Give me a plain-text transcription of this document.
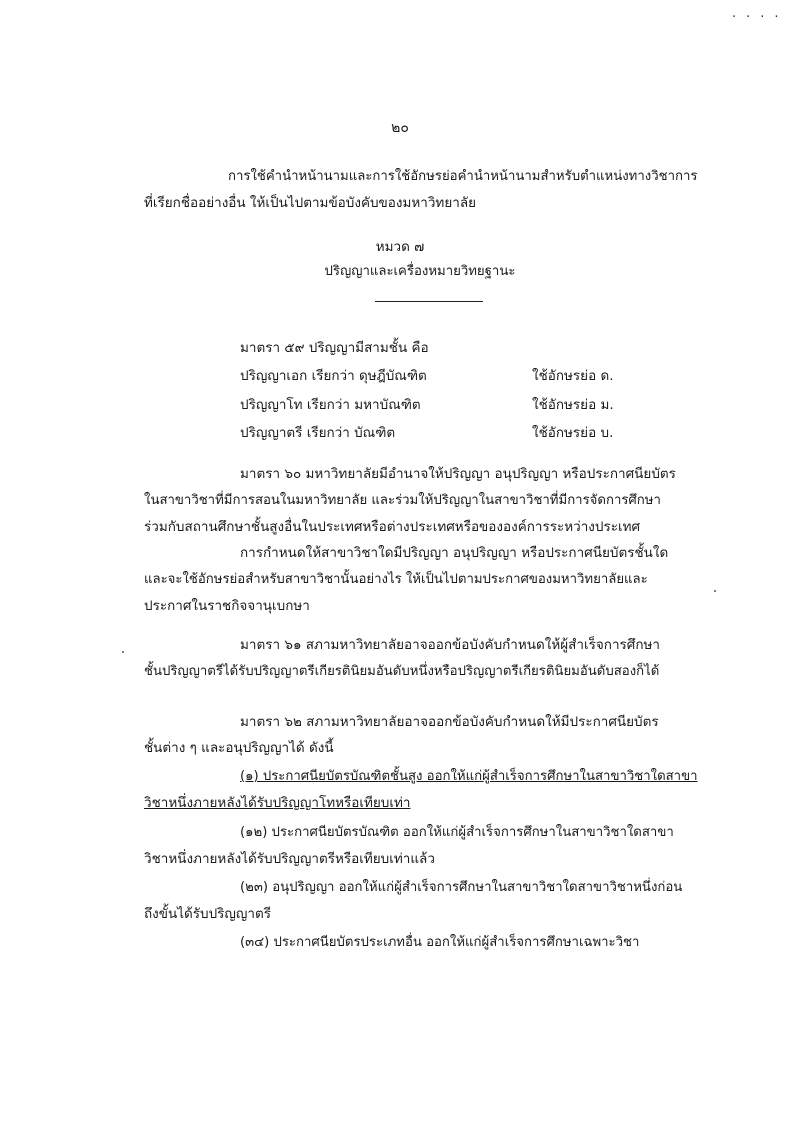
····
๒๐
การใช้คำนำหน้านามและการใช้อักษรย่อคำนำหน้านามสำหรับตำแหน่งทางวิชาการ
ที่เรียกชื่ออย่างอื่น ให้เป็นไปตามข้อบังคับของมหาวิทยาลัย
หมวด ๗
ปริญญาและเครื่องหมายวิทยฐานะ
มาตรา ๕๙ ปริญญามีสามชั้น คือ
ปริญญาเอก เรียกว่า ดุษฎีบัณฑิต	ใช้อักษรย่อ ด.
ปริญญาโท เรียกว่า มหาบัณฑิต	ใช้อักษรย่อ ม.
ปริญญาตรี เรียกว่า บัณฑิต	ใช้อักษรย่อ บ.
มาตรา ๖๐ มหาวิทยาลัยมีอำนาจให้ปริญญา อนุปริญญา หรือประกาศนียบัตร
ในสาขาวิชาที่มีการสอนในมหาวิทยาลัย และร่วมให้ปริญญาในสาขาวิชาที่มีการจัดการศึกษา
ร่วมกับสถานศึกษาชั้นสูงอื่นในประเทศหรือต่างประเทศหรือขององค์การระหว่างประเทศ
การกำหนดให้สาขาวิชาใดมีปริญญา อนุปริญญา หรือประกาศนียบัตรชั้นใด
และจะใช้อักษรย่อสำหรับสาขาวิชานั้นอย่างไร ให้เป็นไปตามประกาศของมหาวิทยาลัยและ
ประกาศในราชกิจจานุเบกษา
มาตรา ๖๑ สภามหาวิทยาลัยอาจออกข้อบังคับกำหนดให้ผู้สำเร็จการศึกษา
ชั้นปริญญาตรีได้รับปริญญาตรีเกียรตินิยมอันดับหนึ่งหรือปริญญาตรีเกียรตินิยมอันดับสองก็ได้
มาตรา ๖๒ สภามหาวิทยาลัยอาจออกข้อบังคับกำหนดให้มีประกาศนียบัตร
ชั้นต่าง ๆ และอนุปริญญาได้ ดังนี้
(๑) ประกาศนียบัตรบัณฑิตชั้นสูง ออกให้แก่ผู้สำเร็จการศึกษาในสาขาวิชาใดสาขา
วิชาหนึ่งภายหลังได้รับปริญญาโทหรือเทียบเท่า
(๑๒) ประกาศนียบัตรบัณฑิต ออกให้แก่ผู้สำเร็จการศึกษาในสาขาวิชาใดสาขา
วิชาหนึ่งภายหลังได้รับปริญญาตรีหรือเทียบเท่าแล้ว
(๒๓) อนุปริญญา ออกให้แก่ผู้สำเร็จการศึกษาในสาขาวิชาใดสาขาวิชาหนึ่งก่อน
ถึงขั้นได้รับปริญญาตรี
(๓๔) ประกาศนียบัตรประเภทอื่น ออกให้แก่ผู้สำเร็จการศึกษาเฉพาะวิชา
